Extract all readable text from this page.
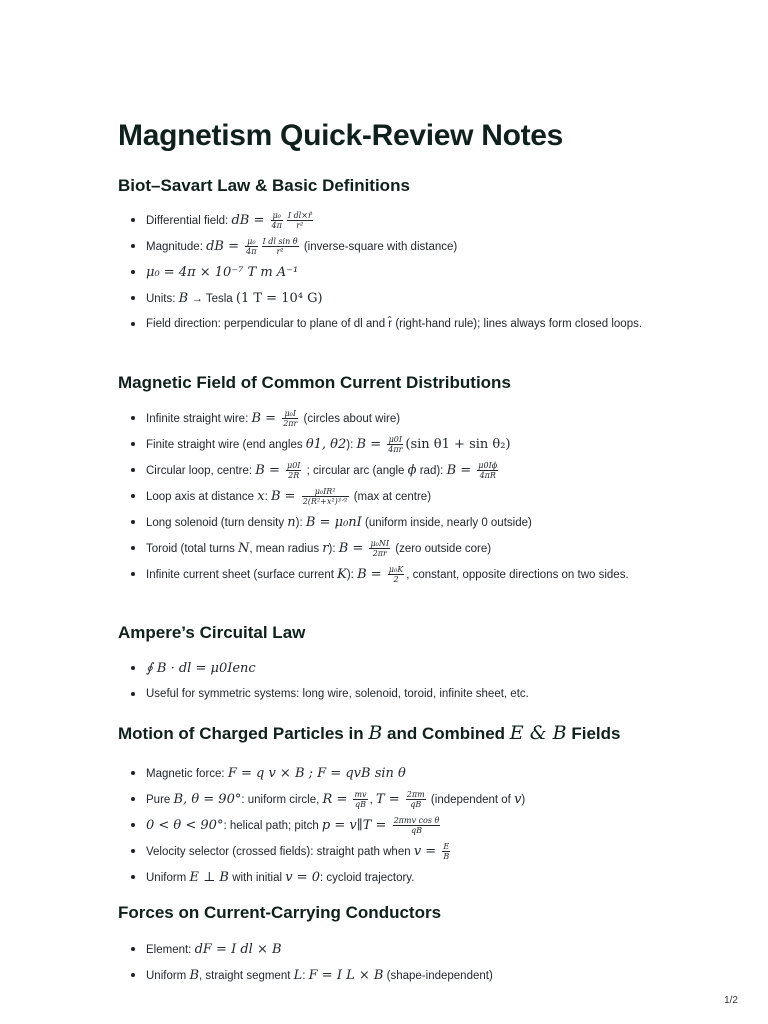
Magnetism Quick-Review Notes
Biot–Savart Law & Basic Definitions
Differential field: dB = $\frac{\text{μ₀}}{4\pi} \frac{\text{I dl×r̂}}{\text{r²}}$
Magnitude: dB = $\frac{\text{μ₀}}{4\pi} \frac{\text{I dl sin θ}}{\text{r²}}$ (inverse-square with distance)
μ₀ = 4π × 10⁻⁷ T m A⁻¹
Units: B → Tesla (1 T = 10⁴ G)
Field direction: perpendicular to plane of dl and r̂ (right-hand rule); lines always form closed loops.
Magnetic Field of Common Current Distributions
Infinite straight wire: $B = \frac{\text{μ₀I}}{2\pi r}$ (circles about wire)
Finite straight wire (end angles θ1, θ2): $B = \frac{\mu 0I}{4\pi r} (\sin$ θ1 + sin θ₂)
Circular loop, centre: $B = \frac{\mu 0I}{2R}$ ; circular arc (angle ϕ rad): $B = \frac{\mu 0I\phi}{4\pi R}$
Loop axis at distance x: $B = \frac{\text{μ₀IR²}}{\text{2(R²+x²)³ᐟ²}} (\max$ at centre)
Long solenoid (turn density n): B = μ₀nI (uniform inside, nearly 0 outside)
Toroid (total turns N, mean radius r): $B = \frac{\text{μ₀NI}}{2\pi r}$ (zero outside core)
Infinite current sheet (surface current K): $B = \frac{\text{μ₀K}}{2}$ , constant, opposite directions on two sides.
Ampere’s Circuital Law
∮ B · dl = μ0Ienc
Useful for symmetric systems: long wire, solenoid, toroid, infinite sheet, etc.
Motion of Charged Particles in B and Combined E & B Fields
Magnetic force: F = q v × B ; F = qvB sin θ
Pure B, θ = 90°: uniform circle, $R = \frac{mv}{qB}$ , $T = \frac{2\pi m}{qB}$ (independent of v)
0 < θ < 90°: helical path; pitch p = v∥T = $\frac{\text{2πmv cos θ}}{qB}$
Velocity selector (crossed fields): straight path when $v = \frac{E}{B}$
Uniform E ⊥ B with initial v = 0: cycloid trajectory.
Forces on Current-Carrying Conductors
Element: dF = I dl × B
Uniform B, straight segment L: F = I L × B (shape-independent)
1/2
